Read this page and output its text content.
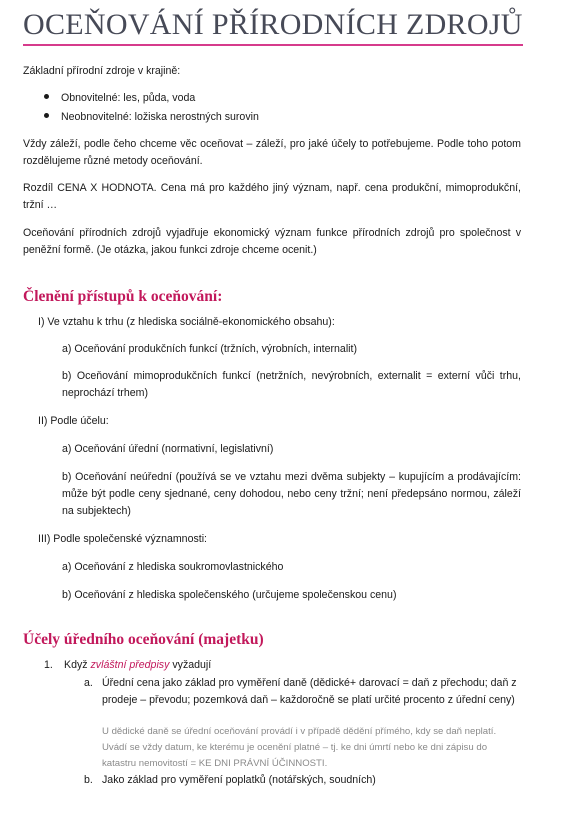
OCEŇOVÁNÍ PŘÍRODNÍCH ZDROJŮ

Základní přírodní zdroje v krajině:

Obnovitelné: les, půda, voda
Neobnovitelné: ložiska nerostných surovin

Vždy záleží, podle čeho chceme věc oceňovat – záleží, pro jaké účely to potřebujeme. Podle toho potom rozdělujeme různé metody oceňování.

Rozdíl CENA X HODNOTA. Cena má pro každého jiný význam, např. cena produkční, mimoprodukční, tržní …

Oceňování přírodních zdrojů vyjadřuje ekonomický význam funkce přírodních zdrojů pro společnost v peněžní formě. (Je otázka, jakou funkci zdroje chceme ocenit.)

Členění přístupů k oceňování:

I) Ve vztahu k trhu (z hlediska sociálně-ekonomického obsahu):

a) Oceňování produkčních funkcí (tržních, výrobních, internalit)

b) Oceňování mimoprodukčních funkcí (netržních, nevýrobních, externalit = externí vůči trhu, neprochází trhem)

II) Podle účelu:

a) Oceňování úřední (normativní, legislativní)

b) Oceňování neúřední (používá se ve vztahu mezi dvěma subjekty – kupujícím a prodávajícím: může být podle ceny sjednané, ceny dohodou, nebo ceny tržní; není předepsáno normou, záleží na subjektech)

III) Podle společenské významnosti:

a) Oceňování z hlediska soukromovlastnického

b) Oceňování z hlediska společenského (určujeme společenskou cenu)

Účely úředního oceňování (majetku)
1. Když zvláštní předpisy vyžadují
a. Úřední cena jako základ pro vyměření daně (dědické+ darovací = daň z přechodu; daň z prodeje – převodu; pozemková daň – každoročně se platí určité procento z úřední ceny)

U dědické daně se úřední oceňování provádí i v případě dědění přímého, kdy se daň neplatí. Uvádí se vždy datum, ke kterému je ocenění platné – tj. ke dni úmrtí nebo ke dni zápisu do katastru nemovitostí = KE DNI PRÁVNÍ ÚČINNOSTI.

b. Jako základ pro vyměření poplatků (notářských, soudních)
